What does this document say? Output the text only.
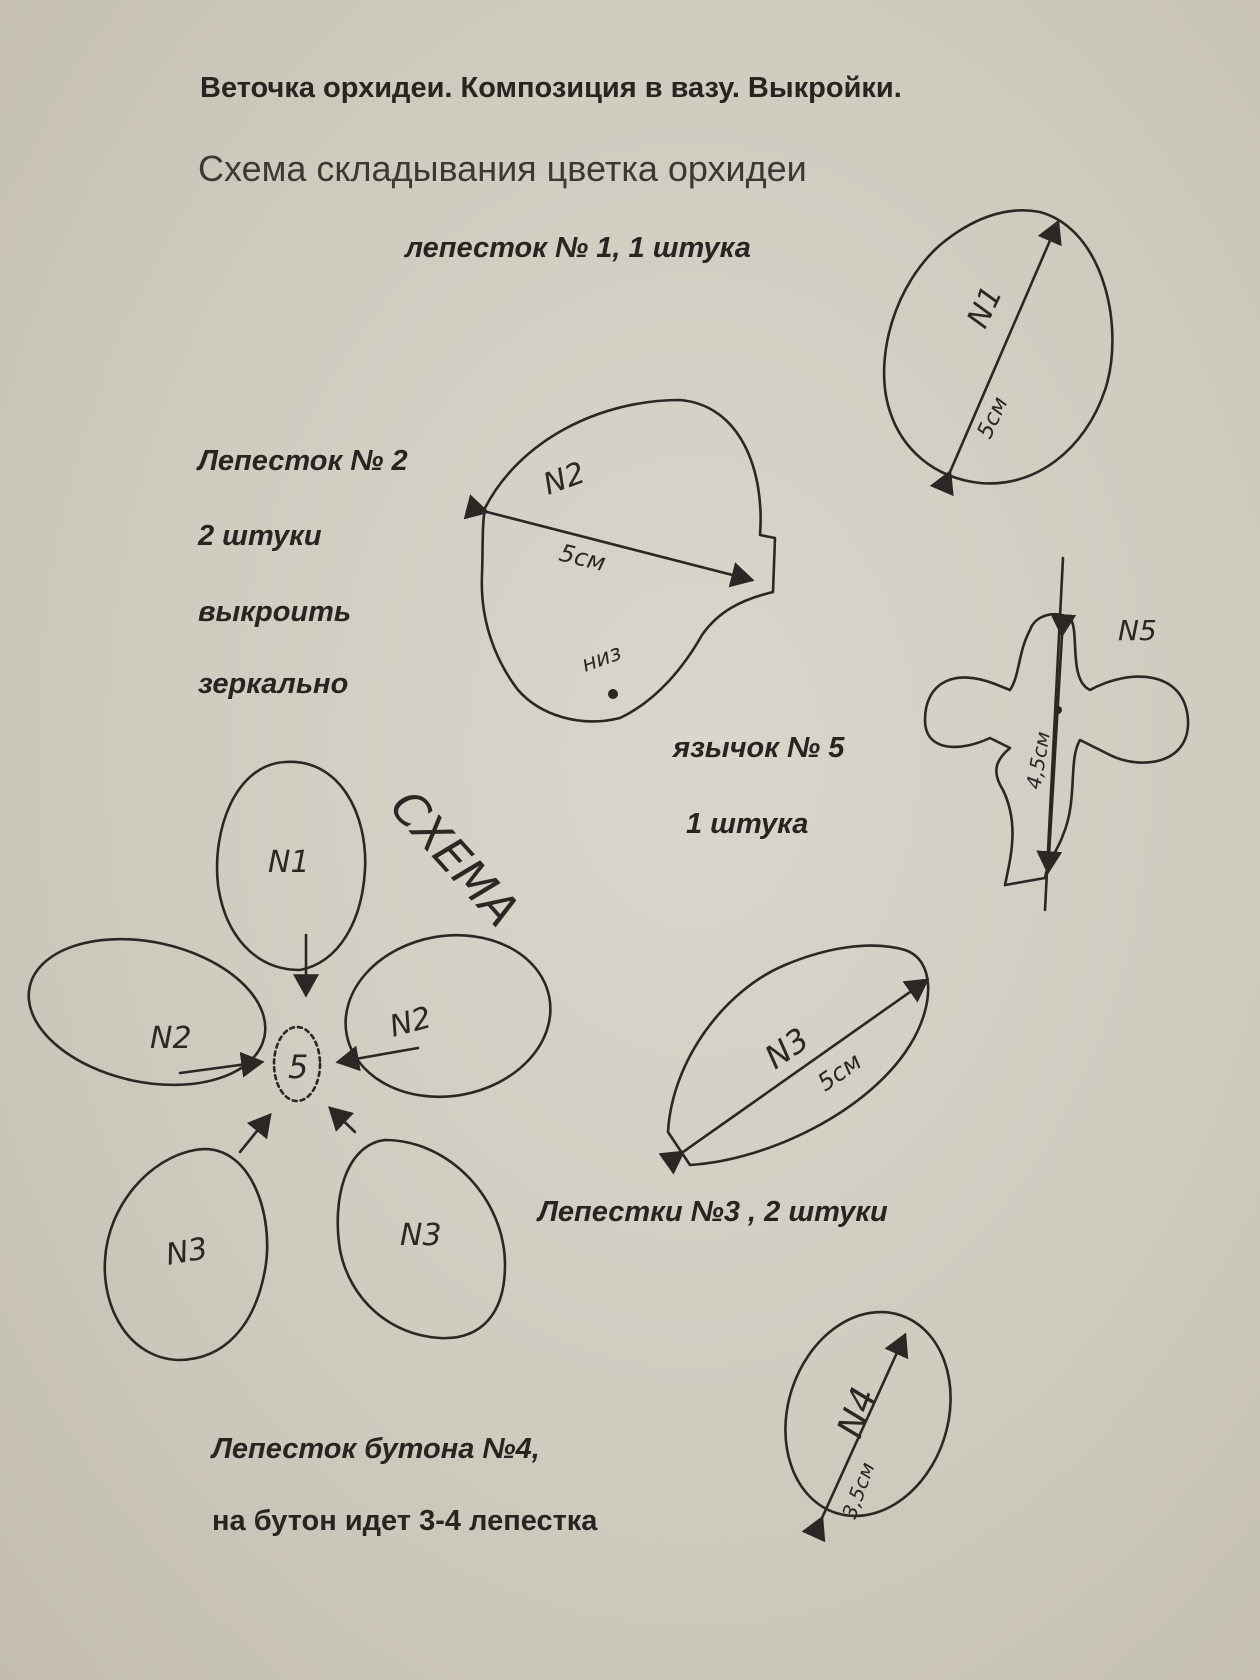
Веточка орхидеи. Композиция в вазу. Выкройки.
Схема складывания цветка орхидеи
лепесток № 1, 1 штука
Лепесток № 2
2 штуки
выкроить
зеркально
язычок № 5
1 штука
Лепестки №3 , 2 штуки
Лепесток бутона №4,
на бутон идет 3-4 лепестка
N1
5см
N2
5см
низ
N5
4,5см
СХЕМА
N1
N2	N2
5
N3	N3
N3
5см
N4
3,5см
